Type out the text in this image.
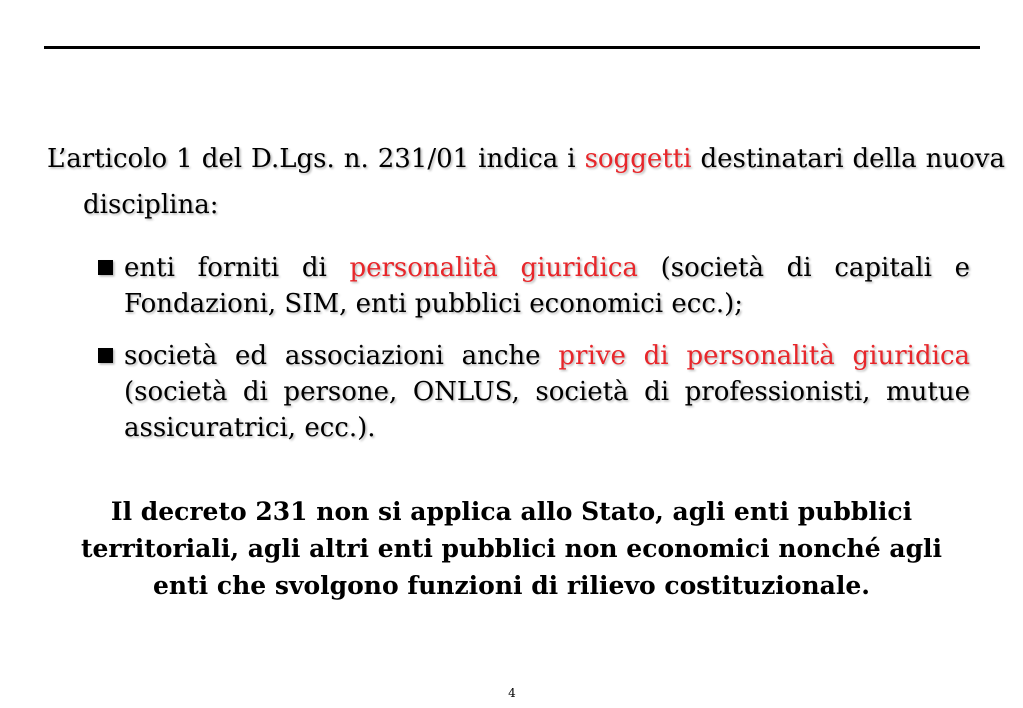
L’articolo 1 del D.Lgs. n. 231/01 indica i soggetti destinatari della nuova disciplina:

enti forniti di personalità giuridica (società di capitali e Fondazioni, SIM, enti pubblici economici ecc.);
società ed associazioni anche prive di personalità giuridica (società di persone, ONLUS, società di professionisti, mutue assicuratrici, ecc.).

Il decreto 231 non si applica allo Stato, agli enti pubblici territoriali, agli altri enti pubblici non economici nonché agli enti che svolgono funzioni di rilievo costituzionale.

4
